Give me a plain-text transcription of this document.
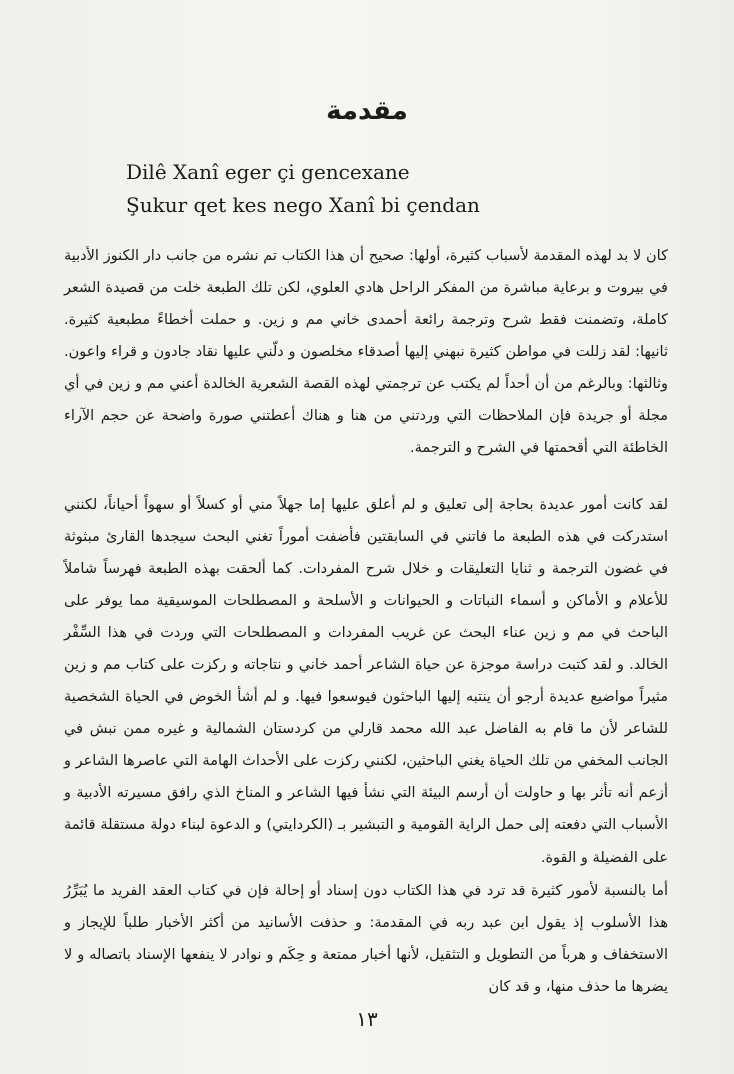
مقدمة
Dilê Xanî eger çi gencexane
Şukur qet kes nego Xanî bi çendan

كان لا بد لهذه المقدمة لأسباب كثيرة، أولها: صحيح أن هذا الكتاب تم نشره من جانب دار الكنوز الأدبية في بيروت و برعاية مباشرة من المفكر الراحل هادي العلوي، لكن تلك الطبعة خلت من قصيدة الشعر كاملة، وتضمنت فقط شرح وترجمة رائعة أحمدى خاني مم و زين. و حملت أخطاءً مطبعية كثيرة. ثانيها: لقد زللت في مواطن كثيرة نبهني إليها أصدقاء مخلصون و دلّني عليها نقاد جادون و قراء واعون. وثالثها: وبالرغم من أن أحداً لم يكتب عن ترجمتي لهذه القصة الشعرية الخالدة أعني مم و زين في أي مجلة أو جريدة فإن الملاحظات التي وردتني من هنا و هناك أعطتني صورة واضحة عن حجم الآراء الخاطئة التي أقحمتها في الشرح و الترجمة.

لقد كانت أمور عديدة بحاجة إلى تعليق و لم أعلق عليها إما جهلاً مني أو كسلاً أو سهواً أحياناً، لكنني استدركت في هذه الطبعة ما فاتني في السابقتين فأضفت أموراً تغني البحث سيجدها القارئ مبثوثة في غضون الترجمة و ثنايا التعليقات و خلال شرح المفردات. كما ألحقت بهذه الطبعة فهرساً شاملاً للأعلام و الأماكن و أسماء النباتات و الحيوانات و الأسلحة و المصطلحات الموسيقية مما يوفر على الباحث في مم و زين عناء البحث عن غريب المفردات و المصطلحات التي وردت في هذا السِّفْر الخالد. و لقد كتبت دراسة موجزة عن حياة الشاعر أحمد خاني و نتاجاته و ركزت على كتاب مم و زين مثيراً مواضيع عديدة أرجو أن ينتبه إليها الباحثون فيوسعوا فيها. و لم أشأ الخوض في الحياة الشخصية للشاعر لأن ما قام به الفاضل عبد الله محمد قارلي من كردستان الشمالية و غيره ممن نبش في الجانب المخفي من تلك الحياة يغني الباحثين، لكنني ركزت على الأحداث الهامة التي عاصرها الشاعر و أزعم أنه تأثر بها و حاولت أن أرسم البيئة التي نشأ فيها الشاعر و المناخ الذي رافق مسيرته الأدبية و الأسباب التي دفعته إلى حمل الراية القومية و التبشير بـ (الكردايتي) و الدعوة لبناء دولة مستقلة قائمة على الفضيلة و القوة.

أما بالنسبة لأمور كثيرة قد ترد في هذا الكتاب دون إسناد أو إحالة فإن في كتاب العقد الفريد ما يُبَرِّرُ هذا الأسلوب إذ يقول ابن عبد ربه في المقدمة: و حذفت الأسانيد من أكثر الأخبار طلباً للإيجاز و الاستخفاف و هرباً من التطويل و التثقيل، لأنها أخبار ممتعة و حِكَم و نوادر لا ينفعها الإسناد باتصاله و لا يضرها ما حذف منها، و قد كان

١٣
